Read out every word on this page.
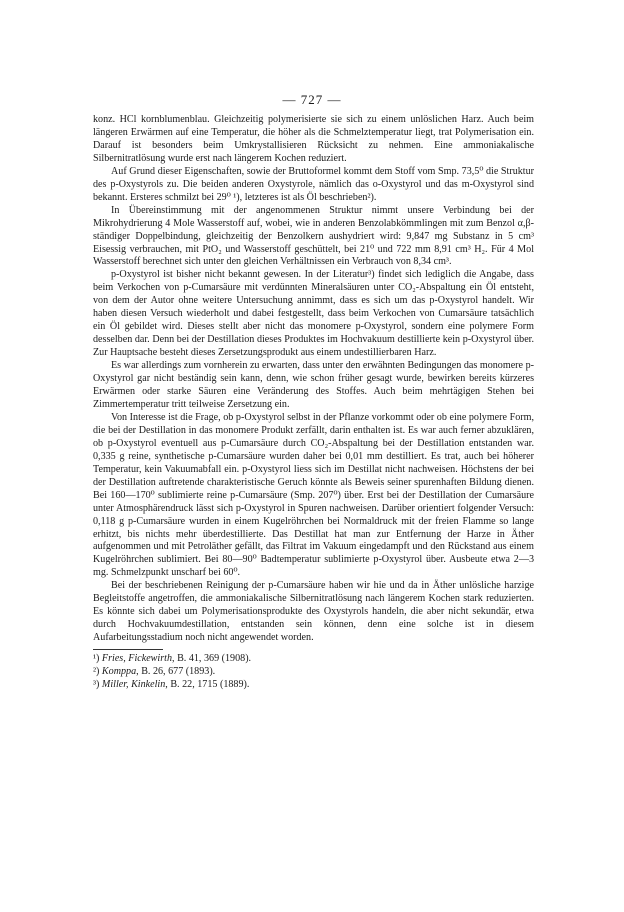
— 727 —

konz. HCl kornblumenblau. Gleichzeitig polymerisierte sie sich zu einem unlöslichen Harz. Auch beim längeren Erwärmen auf eine Temperatur, die höher als die Schmelztemperatur liegt, trat Polymerisation ein. Darauf ist besonders beim Umkrystallisieren Rücksicht zu nehmen. Eine ammoniakalische Silbernitratlösung wurde erst nach längerem Kochen reduziert.

Auf Grund dieser Eigenschaften, sowie der Bruttoformel kommt dem Stoff vom Smp. 73,5⁰ die Struktur des p-Oxystyrols zu. Die beiden anderen Oxystyrole, nämlich das o-Oxystyrol und das m-Oxystyrol sind bekannt. Ersteres schmilzt bei 29⁰ ¹), letzteres ist als Öl beschrieben²).

In Übereinstimmung mit der angenommenen Struktur nimmt unsere Verbindung bei der Mikrohydrierung 4 Mole Wasserstoff auf, wobei, wie in anderen Benzolabkömmlingen mit zum Benzol α,β-ständiger Doppelbindung, gleichzeitig der Benzolkern aushydriert wird: 9,847 mg Substanz in 5 cm³ Eisessig verbrauchen, mit PtO₂ und Wasserstoff geschüttelt, bei 21⁰ und 722 mm 8,91 cm³ H₂. Für 4 Mol Wasserstoff berechnet sich unter den gleichen Verhältnissen ein Verbrauch von 8,34 cm³.

p-Oxystyrol ist bisher nicht bekannt gewesen. In der Literatur³) findet sich lediglich die Angabe, dass beim Verkochen von p-Cumarsäure mit verdünnten Mineralsäuren unter CO₂-Abspaltung ein Öl entsteht, von dem der Autor ohne weitere Untersuchung annimmt, dass es sich um das p-Oxystyrol handelt. Wir haben diesen Versuch wiederholt und dabei festgestellt, dass beim Verkochen von Cumarsäure tatsächlich ein Öl gebildet wird. Dieses stellt aber nicht das monomere p-Oxystyrol, sondern eine polymere Form desselben dar. Denn bei der Destillation dieses Produktes im Hochvakuum destillierte kein p-Oxystyrol über. Zur Hauptsache besteht dieses Zersetzungsprodukt aus einem undestillierbaren Harz.

Es war allerdings zum vornherein zu erwarten, dass unter den erwähnten Bedingungen das monomere p-Oxystyrol gar nicht beständig sein kann, denn, wie schon früher gesagt wurde, bewirken bereits kürzeres Erwärmen oder starke Säuren eine Veränderung des Stoffes. Auch beim mehrtägigen Stehen bei Zimmertemperatur tritt teilweise Zersetzung ein.

Von Interesse ist die Frage, ob p-Oxystyrol selbst in der Pflanze vorkommt oder ob eine polymere Form, die bei der Destillation in das monomere Produkt zerfällt, darin enthalten ist. Es war auch ferner abzuklären, ob p-Oxystyrol eventuell aus p-Cumarsäure durch CO₂-Abspaltung bei der Destillation entstanden war. 0,335 g reine, synthetische p-Cumarsäure wurden daher bei 0,01 mm destilliert. Es trat, auch bei höherer Temperatur, kein Vakuumabfall ein. p-Oxystyrol liess sich im Destillat nicht nachweisen. Höchstens der bei der Destillation auftretende charakteristische Geruch könnte als Beweis seiner spurenhaften Bildung dienen. Bei 160—170⁰ sublimierte reine p-Cumarsäure (Smp. 207⁰) über. Erst bei der Destillation der Cumarsäure unter Atmosphärendruck lässt sich p-Oxystyrol in Spuren nachweisen. Darüber orientiert folgender Versuch: 0,118 g p-Cumarsäure wurden in einem Kugelröhrchen bei Normaldruck mit der freien Flamme so lange erhitzt, bis nichts mehr überdestillierte. Das Destillat hat man zur Entfernung der Harze in Äther aufgenommen und mit Petroläther gefällt, das Filtrat im Vakuum eingedampft und den Rückstand aus einem Kugelröhrchen sublimiert. Bei 80—90⁰ Badtemperatur sublimierte p-Oxystyrol über. Ausbeute etwa 2—3 mg. Schmelzpunkt unscharf bei 60⁰.

Bei der beschriebenen Reinigung der p-Cumarsäure haben wir hie und da in Äther unlösliche harzige Begleitstoffe angetroffen, die ammoniakalische Silbernitratlösung nach längerem Kochen stark reduzierten. Es könnte sich dabei um Polymerisationsprodukte des Oxystyrols handeln, die aber nicht sekundär, etwa durch Hochvakuumdestillation, entstanden sein können, denn eine solche ist in diesem Aufarbeitungsstadium noch nicht angewendet worden.

¹) Fries, Fickewirth, B. 41, 369 (1908).

²) Komppa, B. 26, 677 (1893).

³) Miller, Kinkelin, B. 22, 1715 (1889).
